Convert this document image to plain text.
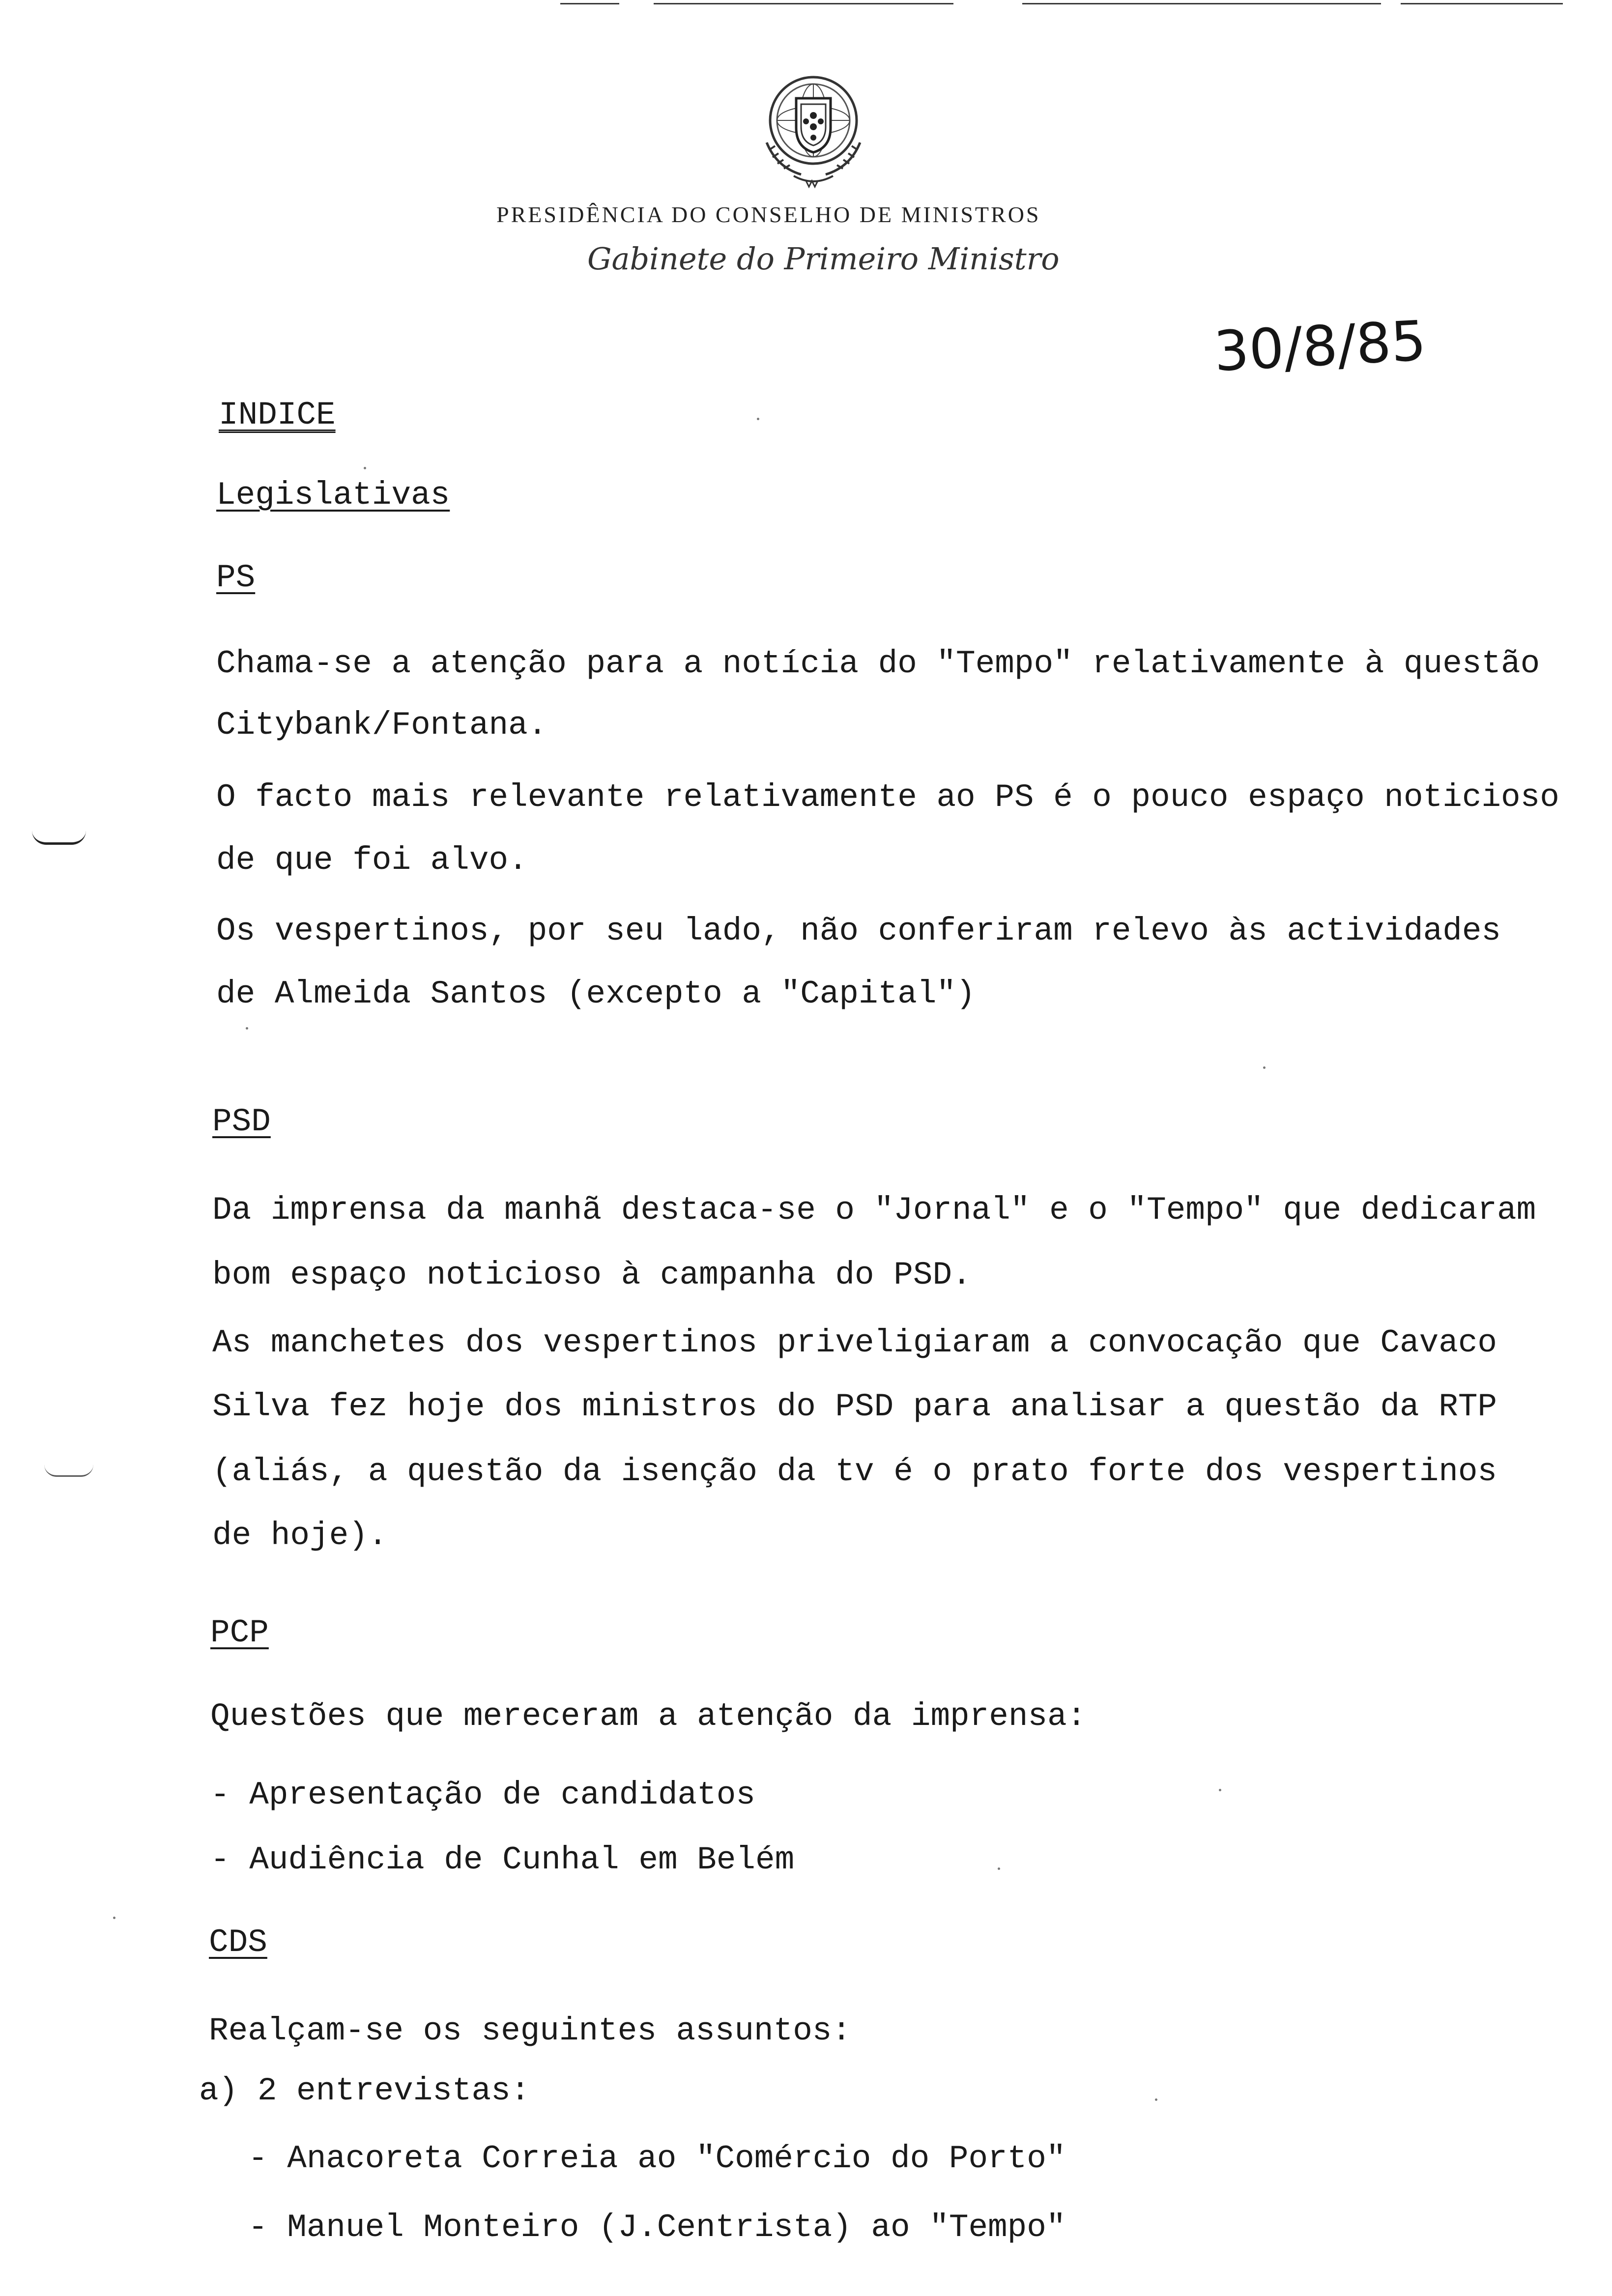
PRESIDÊNCIA DO CONSELHO DE MINISTROS
Gabinete do Primeiro Ministro
30/8/85
INDICE
Legislativas
PS
Chama-se a atenção para a notícia do "Tempo" relativamente à questão
Citybank/Fontana.
O facto mais relevante relativamente ao PS é o pouco espaço noticioso
de que foi alvo.
Os vespertinos, por seu lado, não conferiram relevo às actividades
de Almeida Santos (excepto a "Capital")
PSD
Da imprensa da manhã destaca-se o "Jornal" e o "Tempo" que dedicaram
bom espaço noticioso à campanha do PSD.
As manchetes dos vespertinos priveligiaram a convocação que Cavaco
Silva fez hoje dos ministros do PSD para analisar a questão da RTP
(aliás, a questão da isenção da tv é o prato forte dos vespertinos
de hoje).
PCP
Questões que mereceram a atenção da imprensa:
- Apresentação de candidatos
- Audiência de Cunhal em Belém
CDS
Realçam-se os seguintes assuntos:
a) 2 entrevistas:
- Anacoreta Correia ao "Comércio do Porto"
- Manuel Monteiro (J.Centrista) ao "Tempo"
